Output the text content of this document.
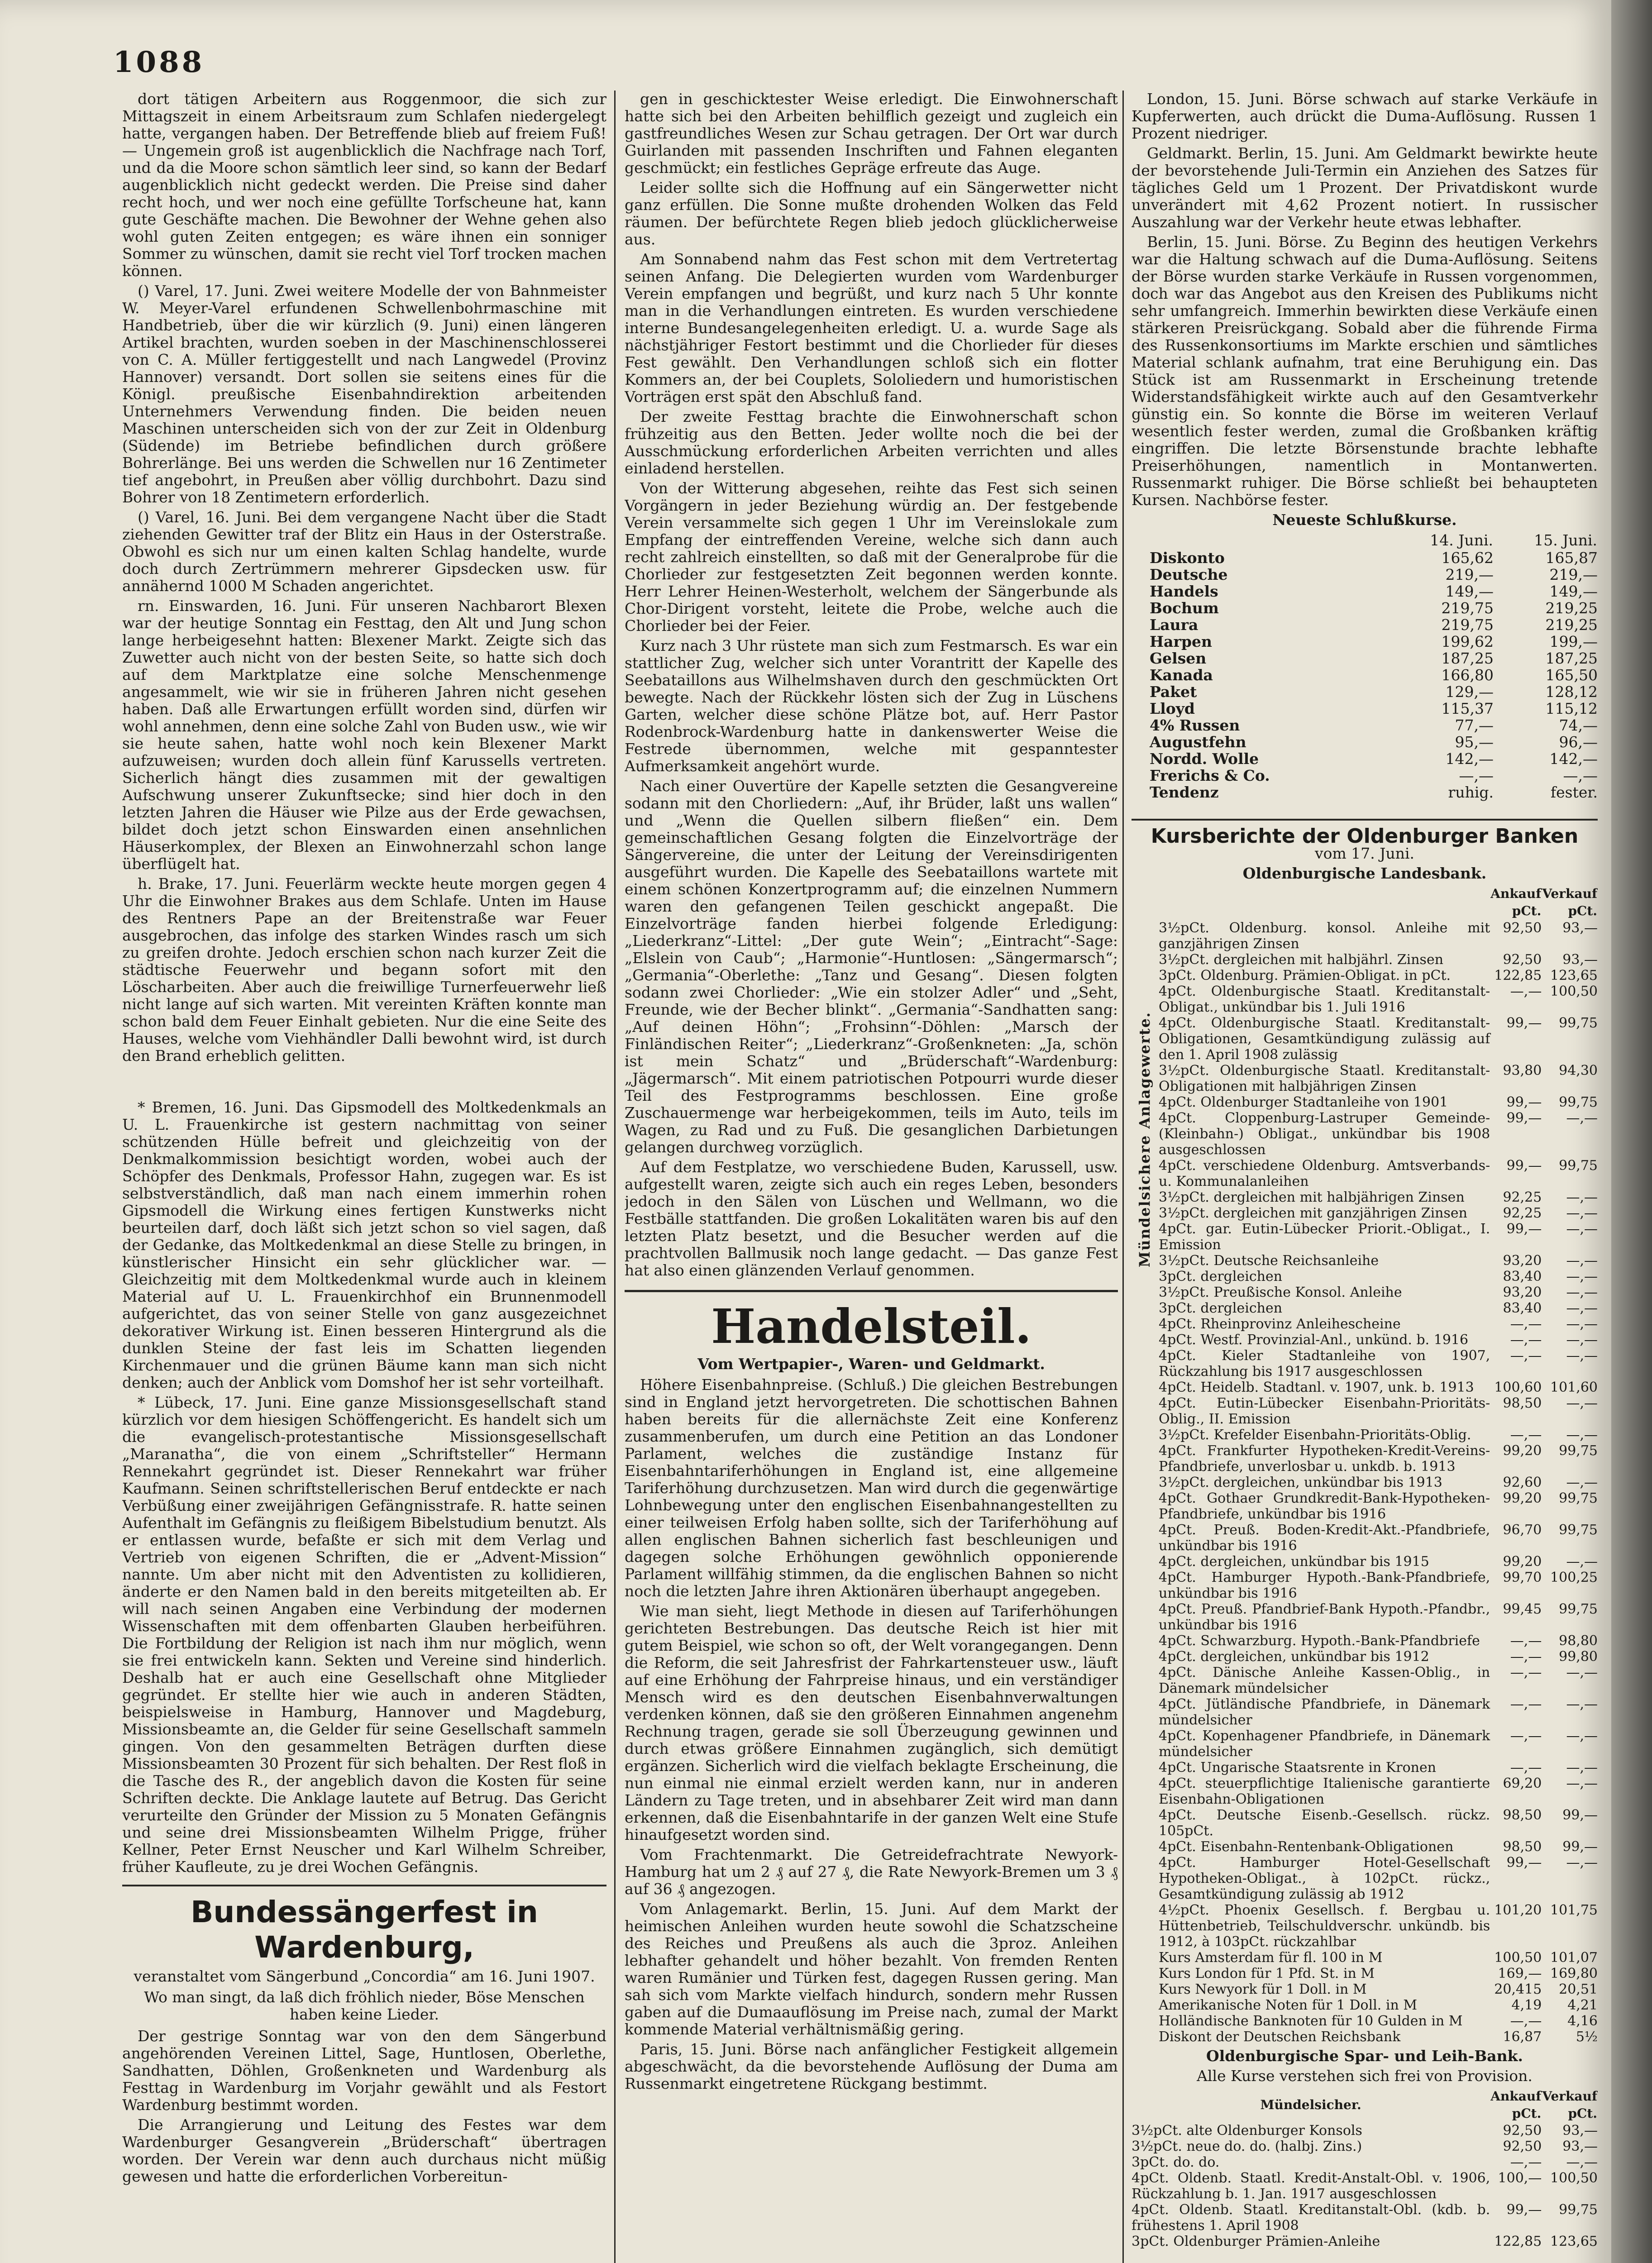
1088

dort tätigen Arbeitern aus Roggenmoor, die sich zur Mittagszeit in einem Arbeitsraum zum Schlafen niedergelegt hatte, vergangen haben. Der Betreffende blieb auf freiem Fuß! — Ungemein groß ist augenblicklich die Nachfrage nach Torf, und da die Moore schon sämtlich leer sind, so kann der Bedarf augenblicklich nicht gedeckt werden. Die Preise sind daher recht hoch, und wer noch eine gefüllte Torfscheune hat, kann gute Geschäfte machen. Die Bewohner der Wehne gehen also wohl guten Zeiten entgegen; es wäre ihnen ein sonniger Sommer zu wünschen, damit sie recht viel Torf trocken machen können.

() Varel, 17. Juni. Zwei weitere Modelle der von Bahnmeister W. Meyer-Varel erfundenen Schwellenbohrmaschine mit Handbetrieb, über die wir kürzlich (9. Juni) einen längeren Artikel brachten, wurden soeben in der Maschinenschlosserei von C. A. Müller fertiggestellt und nach Langwedel (Provinz Hannover) versandt. Dort sollen sie seitens eines für die Königl. preußische Eisenbahndirektion arbeitenden Unternehmers Verwendung finden. Die beiden neuen Maschinen unterscheiden sich von der zur Zeit in Oldenburg (Südende) im Betriebe befindlichen durch größere Bohrerlänge. Bei uns werden die Schwellen nur 16 Zentimeter tief angebohrt, in Preußen aber völlig durchbohrt. Dazu sind Bohrer von 18 Zentimetern erforderlich.

() Varel, 16. Juni. Bei dem vergangene Nacht über die Stadt ziehenden Gewitter traf der Blitz ein Haus in der Osterstraße. Obwohl es sich nur um einen kalten Schlag handelte, wurde doch durch Zertrümmern mehrerer Gipsdecken usw. für annähernd 1000 M Schaden angerichtet.

rn. Einswarden, 16. Juni. Für unseren Nachbarort Blexen war der heutige Sonntag ein Festtag, den Alt und Jung schon lange herbeigesehnt hatten: Blexener Markt. Zeigte sich das Zuwetter auch nicht von der besten Seite, so hatte sich doch auf dem Marktplatze eine solche Menschenmenge angesammelt, wie wir sie in früheren Jahren nicht gesehen haben. Daß alle Erwartungen erfüllt worden sind, dürfen wir wohl annehmen, denn eine solche Zahl von Buden usw., wie wir sie heute sahen, hatte wohl noch kein Blexener Markt aufzuweisen; wurden doch allein fünf Karussells vertreten. Sicherlich hängt dies zusammen mit der gewaltigen Aufschwung unserer Zukunftsecke; sind hier doch in den letzten Jahren die Häuser wie Pilze aus der Erde gewachsen, bildet doch jetzt schon Einswarden einen ansehnlichen Häuserkomplex, der Blexen an Einwohnerzahl schon lange überflügelt hat.

h. Brake, 17. Juni. Feuerlärm weckte heute morgen gegen 4 Uhr die Einwohner Brakes aus dem Schlafe. Unten im Hause des Rentners Pape an der Breitenstraße war Feuer ausgebrochen, das infolge des starken Windes rasch um sich zu greifen drohte. Jedoch erschien schon nach kurzer Zeit die städtische Feuerwehr und begann sofort mit den Löscharbeiten. Aber auch die freiwillige Turnerfeuerwehr ließ nicht lange auf sich warten. Mit vereinten Kräften konnte man schon bald dem Feuer Einhalt gebieten. Nur die eine Seite des Hauses, welche vom Viehhändler Dalli bewohnt wird, ist durch den Brand erheblich gelitten.

* Bremen, 16. Juni. Das Gipsmodell des Moltkedenkmals an U. L. Frauenkirche ist gestern nachmittag von seiner schützenden Hülle befreit und gleichzeitig von der Denkmalkommission besichtigt worden, wobei auch der Schöpfer des Denkmals, Professor Hahn, zugegen war. Es ist selbstverständlich, daß man nach einem immerhin rohen Gipsmodell die Wirkung eines fertigen Kunstwerks nicht beurteilen darf, doch läßt sich jetzt schon so viel sagen, daß der Gedanke, das Moltkedenkmal an diese Stelle zu bringen, in künstlerischer Hinsicht ein sehr glücklicher war. — Gleichzeitig mit dem Moltkedenkmal wurde auch in kleinem Material auf U. L. Frauenkirchhof ein Brunnenmodell aufgerichtet, das von seiner Stelle von ganz ausgezeichnet dekorativer Wirkung ist. Einen besseren Hintergrund als die dunklen Steine der fast leis im Schatten liegenden Kirchenmauer und die grünen Bäume kann man sich nicht denken; auch der Anblick vom Domshof her ist sehr vorteilhaft.

* Lübeck, 17. Juni. Eine ganze Missionsgesellschaft stand kürzlich vor dem hiesigen Schöffengericht. Es handelt sich um die evangelisch-protestantische Missionsgesellschaft „Maranatha“, die von einem „Schriftsteller“ Hermann Rennekahrt gegründet ist. Dieser Rennekahrt war früher Kaufmann. Seinen schriftstellerischen Beruf entdeckte er nach Verbüßung einer zweijährigen Gefängnisstrafe. R. hatte seinen Aufenthalt im Gefängnis zu fleißigem Bibelstudium benutzt. Als er entlassen wurde, befaßte er sich mit dem Verlag und Vertrieb von eigenen Schriften, die er „Advent-Mission“ nannte. Um aber nicht mit den Adventisten zu kollidieren, änderte er den Namen bald in den bereits mitgeteilten ab. Er will nach seinen Angaben eine Verbindung der modernen Wissenschaften mit dem offenbarten Glauben herbeiführen. Die Fortbildung der Religion ist nach ihm nur möglich, wenn sie frei entwickeln kann. Sekten und Vereine sind hinderlich. Deshalb hat er auch eine Gesellschaft ohne Mitglieder gegründet. Er stellte hier wie auch in anderen Städten, beispielsweise in Hamburg, Hannover und Magdeburg, Missionsbeamte an, die Gelder für seine Gesellschaft sammeln gingen. Von den gesammelten Beträgen durften diese Missionsbeamten 30 Prozent für sich behalten. Der Rest floß in die Tasche des R., der angeblich davon die Kosten für seine Schriften deckte. Die Anklage lautete auf Betrug. Das Gericht verurteilte den Gründer der Mission zu 5 Monaten Gefängnis und seine drei Missionsbeamten Wilhelm Prigge, früher Kellner, Peter Ernst Neuscher und Karl Wilhelm Schreiber, früher Kaufleute, zu je drei Wochen Gefängnis.

Bundessängerfest in Wardenburg,

veranstaltet vom Sängerbund „Concordia“ am 16. Juni 1907.

Wo man singt, da laß dich fröhlich nieder, Böse Menschen haben keine Lieder.

Der gestrige Sonntag war von den dem Sängerbund angehörenden Vereinen Littel, Sage, Huntlosen, Oberlethe, Sandhatten, Döhlen, Großenkneten und Wardenburg als Festtag in Wardenburg im Vorjahr gewählt und als Festort Wardenburg bestimmt worden.

Die Arrangierung und Leitung des Festes war dem Wardenburger Gesangverein „Brüderschaft“ übertragen worden. Der Verein war denn auch durchaus nicht müßig gewesen und hatte die erforderlichen Vorbereitun-

gen in geschicktester Weise erledigt. Die Einwohnerschaft hatte sich bei den Arbeiten behilflich gezeigt und zugleich ein gastfreundliches Wesen zur Schau getragen. Der Ort war durch Guirlanden mit passenden Inschriften und Fahnen eleganten geschmückt; ein festliches Gepräge erfreute das Auge.

Leider sollte sich die Hoffnung auf ein Sängerwetter nicht ganz erfüllen. Die Sonne mußte drohenden Wolken das Feld räumen. Der befürchtete Regen blieb jedoch glücklicherweise aus.

Am Sonnabend nahm das Fest schon mit dem Vertretertag seinen Anfang. Die Delegierten wurden vom Wardenburger Verein empfangen und begrüßt, und kurz nach 5 Uhr konnte man in die Verhandlungen eintreten. Es wurden verschiedene interne Bundesangelegenheiten erledigt. U. a. wurde Sage als nächstjähriger Festort bestimmt und die Chorlieder für dieses Fest gewählt. Den Verhandlungen schloß sich ein flotter Kommers an, der bei Couplets, Sololiedern und humoristischen Vorträgen erst spät den Abschluß fand.

Der zweite Festtag brachte die Einwohnerschaft schon frühzeitig aus den Betten. Jeder wollte noch die bei der Ausschmückung erforderlichen Arbeiten verrichten und alles einladend herstellen.

Von der Witterung abgesehen, reihte das Fest sich seinen Vorgängern in jeder Beziehung würdig an. Der festgebende Verein versammelte sich gegen 1 Uhr im Vereinslokale zum Empfang der eintreffenden Vereine, welche sich dann auch recht zahlreich einstellten, so daß mit der Generalprobe für die Chorlieder zur festgesetzten Zeit begonnen werden konnte. Herr Lehrer Heinen-Westerholt, welchem der Sängerbunde als Chor-Dirigent vorsteht, leitete die Probe, welche auch die Chorlieder bei der Feier.

Kurz nach 3 Uhr rüstete man sich zum Festmarsch. Es war ein stattlicher Zug, welcher sich unter Vorantritt der Kapelle des Seebataillons aus Wilhelmshaven durch den geschmückten Ort bewegte. Nach der Rückkehr lösten sich der Zug in Lüschens Garten, welcher diese schöne Plätze bot, auf. Herr Pastor Rodenbrock-Wardenburg hatte in dankenswerter Weise die Festrede übernommen, welche mit gespanntester Aufmerksamkeit angehört wurde.

Nach einer Ouvertüre der Kapelle setzten die Gesangvereine sodann mit den Chorliedern: „Auf, ihr Brüder, laßt uns wallen“ und „Wenn die Quellen silbern fließen“ ein. Dem gemeinschaftlichen Gesang folgten die Einzelvorträge der Sängervereine, die unter der Leitung der Vereinsdirigenten ausgeführt wurden. Die Kapelle des Seebataillons wartete mit einem schönen Konzertprogramm auf; die einzelnen Nummern waren den gefangenen Teilen geschickt angepaßt. Die Einzelvorträge fanden hierbei folgende Erledigung: „Liederkranz“-Littel: „Der gute Wein“; „Eintracht“-Sage: „Elslein von Caub“; „Harmonie“-Huntlosen: „Sängermarsch“; „Germania“-Oberlethe: „Tanz und Gesang“. Diesen folgten sodann zwei Chorlieder: „Wie ein stolzer Adler“ und „Seht, Freunde, wie der Becher blinkt“. „Germania“-Sandhatten sang: „Auf deinen Höhn“; „Frohsinn“-Döhlen: „Marsch der Finländischen Reiter“; „Liederkranz“-Großenkneten: „Ja, schön ist mein Schatz“ und „Brüderschaft“-Wardenburg: „Jägermarsch“. Mit einem patriotischen Potpourri wurde dieser Teil des Festprogramms beschlossen. Eine große Zuschauermenge war herbeigekommen, teils im Auto, teils im Wagen, zu Rad und zu Fuß. Die gesanglichen Darbietungen gelangen durchweg vorzüglich.

Auf dem Festplatze, wo verschiedene Buden, Karussell, usw. aufgestellt waren, zeigte sich auch ein reges Leben, besonders jedoch in den Sälen von Lüschen und Wellmann, wo die Festbälle stattfanden. Die großen Lokalitäten waren bis auf den letzten Platz besetzt, und die Besucher werden auf die prachtvollen Ballmusik noch lange gedacht. — Das ganze Fest hat also einen glänzenden Verlauf genommen.

Handelsteil.

Vom Wertpapier-, Waren- und Geldmarkt.

Höhere Eisenbahnpreise. (Schluß.) Die gleichen Bestrebungen sind in England jetzt hervorgetreten. Die schottischen Bahnen haben bereits für die allernächste Zeit eine Konferenz zusammenberufen, um durch eine Petition an das Londoner Parlament, welches die zuständige Instanz für Eisenbahntariferhöhungen in England ist, eine allgemeine Tariferhöhung durchzusetzen. Man wird durch die gegenwärtige Lohnbewegung unter den englischen Eisenbahnangestellten zu einer teilweisen Erfolg haben sollte, sich der Tariferhöhung auf allen englischen Bahnen sicherlich fast beschleunigen und dagegen solche Erhöhungen gewöhnlich opponierende Parlament willfähig stimmen, da die englischen Bahnen so nicht noch die letzten Jahre ihren Aktionären überhaupt angegeben.

Wie man sieht, liegt Methode in diesen auf Tariferhöhungen gerichteten Bestrebungen. Das deutsche Reich ist hier mit gutem Beispiel, wie schon so oft, der Welt vorangegangen. Denn die Reform, die seit Jahresfrist der Fahrkartensteuer usw., läuft auf eine Erhöhung der Fahrpreise hinaus, und ein verständiger Mensch wird es den deutschen Eisenbahnverwaltungen verdenken können, daß sie den größeren Einnahmen angenehm Rechnung tragen, gerade sie soll Überzeugung gewinnen und durch etwas größere Einnahmen zugänglich, sich demütigt ergänzen. Sicherlich wird die vielfach beklagte Erscheinung, die nun einmal nie einmal erzielt werden kann, nur in anderen Ländern zu Tage treten, und in absehbarer Zeit wird man dann erkennen, daß die Eisenbahntarife in der ganzen Welt eine Stufe hinaufgesetzt worden sind.

Vom Frachtenmarkt. Die Getreidefrachtrate Newyork-Hamburg hat um 2 ₰ auf 27 ₰, die Rate Newyork-Bremen um 3 ₰ auf 36 ₰ angezogen.

Vom Anlagemarkt. Berlin, 15. Juni. Auf dem Markt der heimischen Anleihen wurden heute sowohl die Schatzscheine des Reiches und Preußens als auch die 3proz. Anleihen lebhafter gehandelt und höher bezahlt. Von fremden Renten waren Rumänier und Türken fest, dagegen Russen gering. Man sah sich vom Markte vielfach hindurch, sondern mehr Russen gaben auf die Dumaauflösung im Preise nach, zumal der Markt kommende Material verhältnismäßig gering.

Paris, 15. Juni. Börse nach anfänglicher Festigkeit allgemein abgeschwächt, da die bevorstehende Auflösung der Duma am Russenmarkt eingetretene Rückgang bestimmt.

London, 15. Juni. Börse schwach auf starke Verkäufe in Kupferwerten, auch drückt die Duma-Auflösung. Russen 1 Prozent niedriger.

Geldmarkt. Berlin, 15. Juni. Am Geldmarkt bewirkte heute der bevorstehende Juli-Termin ein Anziehen des Satzes für tägliches Geld um 1 Prozent. Der Privatdiskont wurde unverändert mit 4,62 Prozent notiert. In russischer Auszahlung war der Verkehr heute etwas lebhafter.

Berlin, 15. Juni. Börse. Zu Beginn des heutigen Verkehrs war die Haltung schwach auf die Duma-Auflösung. Seitens der Börse wurden starke Verkäufe in Russen vorgenommen, doch war das Angebot aus den Kreisen des Publikums nicht sehr umfangreich. Immerhin bewirkten diese Verkäufe einen stärkeren Preisrückgang. Sobald aber die führende Firma des Russenkonsortiums im Markte erschien und sämtliches Material schlank aufnahm, trat eine Beruhigung ein. Das Stück ist am Russenmarkt in Erscheinung tretende Widerstandsfähigkeit wirkte auch auf den Gesamtverkehr günstig ein. So konnte die Börse im weiteren Verlauf wesentlich fester werden, zumal die Großbanken kräftig eingriffen. Die letzte Börsenstunde brachte lebhafte Preiserhöhungen, namentlich in Montanwerten. Russenmarkt ruhiger. Die Börse schließt bei behaupteten Kursen. Nachbörse fester.

Neueste Schlußkurse.

	14. Juni.	15. Juni.
Diskonto	165,62	165,87
Deutsche	219,—	219,—
Handels	149,—	149,—
Bochum	219,75	219,25
Laura	219,75	219,25
Harpen	199,62	199,—
Gelsen	187,25	187,25
Kanada	166,80	165,50
Paket	129,—	128,12
Lloyd	115,37	115,12
4% Russen	77,—	74,—
Augustfehn	95,—	96,—
Nordd. Wolle	142,—	142,—
Frerichs & Co.	—,—	—,—
Tendenz	ruhig.	fester.
Kursberichte der Oldenburger Banken

vom 17. Juni.

Oldenburgische Landesbank.

Mündelsichere Anlagewerte.
	Ankauf pCt.	Verkauf pCt.
3½pCt. Oldenburg. konsol. Anleihe mit ganzjährigen Zinsen	92,50	93,—
3½pCt. dergleichen mit halbjährl. Zinsen	92,50	93,—
3pCt. Oldenburg. Prämien-Obligat. in pCt.	122,85	123,65
4pCt. Oldenburgische Staatl. Kreditanstalt-Obligat., unkündbar bis 1. Juli 1916	—,—	100,50
4pCt. Oldenburgische Staatl. Kreditanstalt-Obligationen, Gesamtkündigung zulässig auf den 1. April 1908 zulässig	99,—	99,75
3½pCt. Oldenburgische Staatl. Kreditanstalt-Obligationen mit halbjährigen Zinsen	93,80	94,30
4pCt. Oldenburger Stadtanleihe von 1901	99,—	99,75
4pCt. Cloppenburg-Lastruper Gemeinde-(Kleinbahn-) Obligat., unkündbar bis 1908 ausgeschlossen	99,—	—,—
4pCt. verschiedene Oldenburg. Amtsverbands- u. Kommunalanleihen	99,—	99,75
3½pCt. dergleichen mit halbjährigen Zinsen	92,25	—,—
3½pCt. dergleichen mit ganzjährigen Zinsen	92,25	—,—
4pCt. gar. Eutin-Lübecker Priorit.-Obligat., I. Emission	99,—	—,—
3½pCt. Deutsche Reichsanleihe	93,20	—,—
3pCt. dergleichen	83,40	—,—
3½pCt. Preußische Konsol. Anleihe	93,20	—,—
3pCt. dergleichen	83,40	—,—
4pCt. Rheinprovinz Anleihescheine	—,—	—,—
4pCt. Westf. Provinzial-Anl., unkünd. b. 1916	—,—	—,—
4pCt. Kieler Stadtanleihe von 1907, Rückzahlung bis 1917 ausgeschlossen	—,—	—,—
4pCt. Heidelb. Stadtanl. v. 1907, unk. b. 1913	100,60	101,60
4pCt. Eutin-Lübecker Eisenbahn-Prioritäts-Oblig., II. Emission	98,50	—,—
3½pCt. Krefelder Eisenbahn-Prioritäts-Oblig.	—,—	—,—
4pCt. Frankfurter Hypotheken-Kredit-Vereins-Pfandbriefe, unverlosbar u. unkdb. b. 1913	99,20	99,75
3½pCt. dergleichen, unkündbar bis 1913	92,60	—,—
4pCt. Gothaer Grundkredit-Bank-Hypotheken-Pfandbriefe, unkündbar bis 1916	99,20	99,75
4pCt. Preuß. Boden-Kredit-Akt.-Pfandbriefe, unkündbar bis 1916	96,70	99,75
4pCt. dergleichen, unkündbar bis 1915	99,20	—,—
4pCt. Hamburger Hypoth.-Bank-Pfandbriefe, unkündbar bis 1916	99,70	100,25
4pCt. Preuß. Pfandbrief-Bank Hypoth.-Pfandbr., unkündbar bis 1916	99,45	99,75
4pCt. Schwarzburg. Hypoth.-Bank-Pfandbriefe	—,—	98,80
4pCt. dergleichen, unkündbar bis 1912	—,—	99,80
4pCt. Dänische Anleihe Kassen-Oblig., in Dänemark mündelsicher	—,—	—,—
4pCt. Jütländische Pfandbriefe, in Dänemark mündelsicher	—,—	—,—
4pCt. Kopenhagener Pfandbriefe, in Dänemark mündelsicher	—,—	—,—
4pCt. Ungarische Staatsrente in Kronen	—,—	—,—
4pCt. steuerpflichtige Italienische garantierte Eisenbahn-Obligationen	69,20	—,—
4pCt. Deutsche Eisenb.-Gesellsch. rückz. 105pCt.	98,50	99,—
4pCt. Eisenbahn-Rentenbank-Obligationen	98,50	99,—
4pCt. Hamburger Hotel-Gesellschaft Hypotheken-Obligat., à 102pCt. rückz., Gesamtkündigung zulässig ab 1912	99,—	—,—
4½pCt. Phoenix Gesellsch. f. Bergbau u. Hüttenbetrieb, Teilschuldverschr. unkündb. bis 1912, à 103pCt. rückzahlbar	101,20	101,75
Kurs Amsterdam für fl. 100 in M	100,50	101,07
Kurs London für 1 Pfd. St. in M	169,—	169,80
Kurs Newyork für 1 Doll. in M	20,415	20,51
Amerikanische Noten für 1 Doll. in M	4,19	4,21
Holländische Banknoten für 10 Gulden in M	—,—	4,16
Diskont der Deutschen Reichsbank	16,87	5½

Oldenburgische Spar- und Leih-Bank.

Alle Kurse verstehen sich frei von Provision.

Mündelsicher.	Ankauf pCt.	Verkauf pCt.
3½pCt. alte Oldenburger Konsols	92,50	93,—
3½pCt. neue do. do. (halbj. Zins.)	92,50	93,—
3pCt. do. do.	—,—	—,—
4pCt. Oldenb. Staatl. Kredit-Anstalt-Obl. v. 1906, Rückzahlung b. 1. Jan. 1917 ausgeschlossen	100,—	100,50
4pCt. Oldenb. Staatl. Kreditanstalt-Obl. (kdb. b. frühestens 1. April 1908	99,—	99,75
3pCt. Oldenburger Prämien-Anleihe	122,85	123,65
